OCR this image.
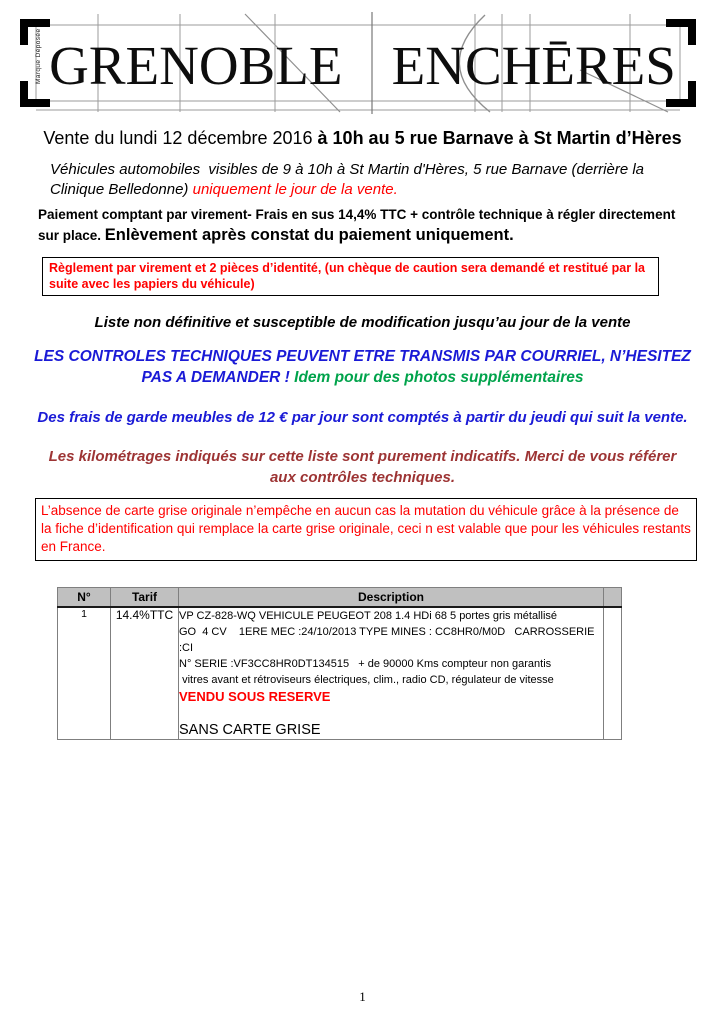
Marque Déposée GRENOBLE ENCHĒRES
Vente du lundi 12 décembre 2016 à 10h au 5 rue Barnave à St Martin d’Hères

Véhicules automobiles  visibles de 9 à 10h à St Martin d'Hères, 5 rue Barnave (derrière la Clinique Belledonne) uniquement le jour de la vente.

Paiement comptant par virement- Frais en sus 14,4% TTC + contrôle technique à régler directement sur place. Enlèvement après constat du paiement uniquement.

Règlement par virement et 2 pièces d’identité, (un chèque de caution sera demandé et restitué par la suite avec les papiers du véhicule)

Liste non définitive et susceptible de modification jusqu’au jour de la vente

LES CONTROLES TECHNIQUES PEUVENT ETRE TRANSMIS PAR COURRIEL, N’HESITEZ PAS A DEMANDER ! Idem pour des photos supplémentaires

Des frais de garde meubles de 12 € par jour sont comptés à partir du jeudi qui suit la vente.

Les kilométrages indiqués sur cette liste sont purement indicatifs. Merci de vous référer aux contrôles techniques.

L’absence de carte grise originale n’empêche en aucun cas la mutation du véhicule grâce à la présence de la fiche d’identification qui remplace la carte grise originale, ceci n est valable que pour les véhicules restants en France.
N°	Tarif	Description	
1	14.4%TTC	VP CZ-828-WQ VEHICULE PEUGEOT 208 1.4 HDi 68 5 portes gris métallisé
GO  4 CV    1ERE MEC :24/10/2013 TYPE MINES : CC8HR0/M0D   CARROSSERIE :CI
N° SERIE :VF3CC8HR0DT134515   + de 90000 Kms compteur non garantis
vitres avant et rétroviseurs électriques, clim., radio CD, régulateur de vitesse
VENDU SOUS RESERVE
SANS CARTE GRISE

1
